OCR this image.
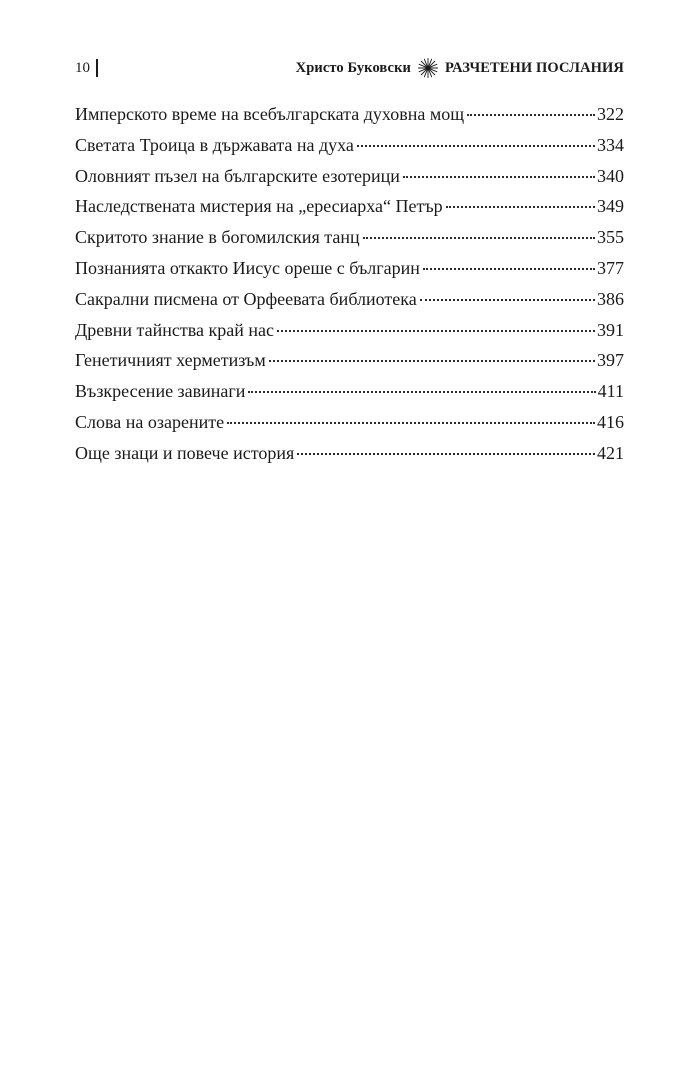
10	Христо Буковски РАЗЧЕТЕНИ ПОСЛАНИЯ
Имперското време на всебългарската духовна мощ	322
Светата Троица в държавата на духа	334
Оловният пъзел на българските езотерици	340
Наследствената мистерия на „ересиарха“ Петър	349
Скритото знание в богомилския танц	355
Познанията откакто Иисус ореше с българин	377
Сакрални писмена от Орфеевата библиотека	386
Древни тайнства край нас	391
Генетичният херметизъм	397
Възкресение завинаги	411
Слова на озарените	416
Още знаци и повече история	421
